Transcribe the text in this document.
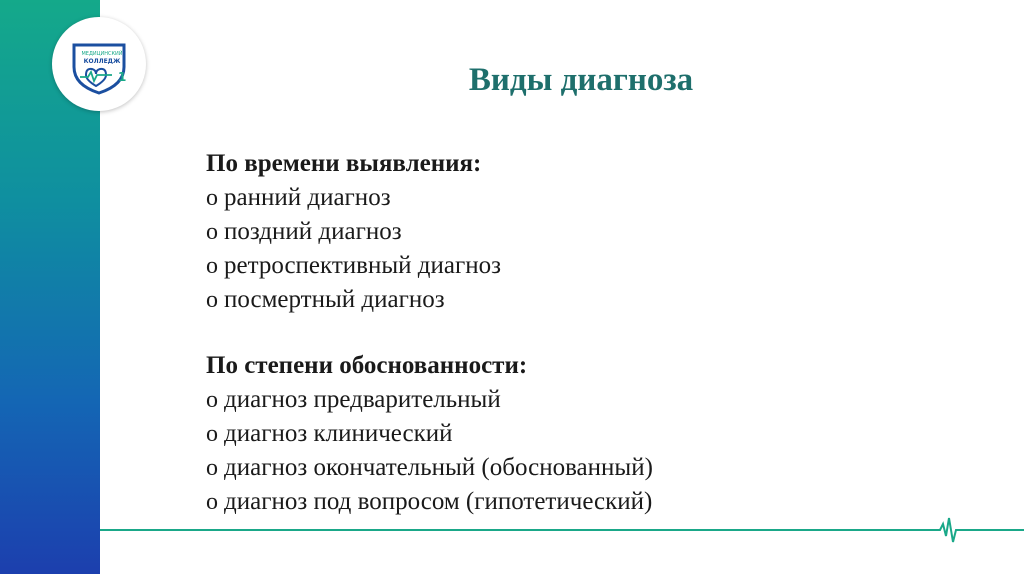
МЕДИЦИНСКИЙ
КОЛЛЕДЖ
1	Виды диагноза
По времени выявления:
o ранний диагноз
o поздний диагноз
o ретроспективный диагноз
o посмертный диагноз
По степени обоснованности:
o диагноз предварительный
o диагноз клинический
o диагноз окончательный (обоснованный)
o диагноз под вопросом (гипотетический)
